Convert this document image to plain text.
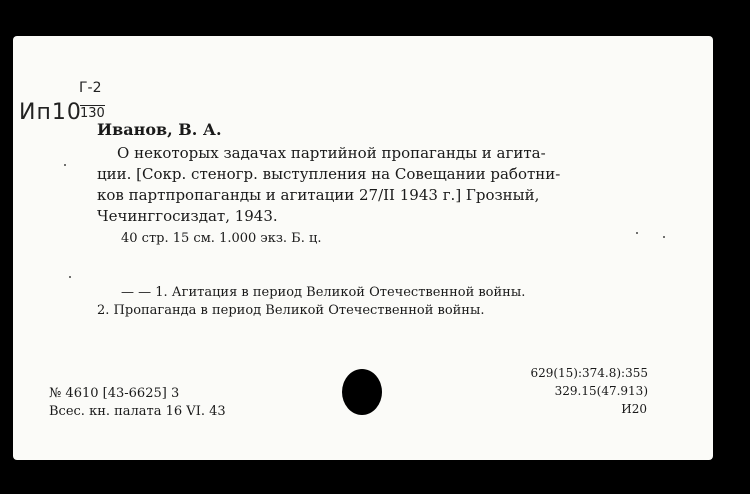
Ип10
Г-2
130
Иванов, В. А.
О некоторых задачах партийной пропаганды и агита-
ции. [Сокр. стеногр. выступления на Совещании работни-
ков партпропаганды и агитации 27/II 1943 г.] Грозный,
Чечинггосиздат, 1943.
40 стр. 15 см. 1.000 экз. Б. ц.
— — 1. Агитация в период Великой Отечественной войны.
2. Пропаганда в период Великой Отечественной войны.
№ 4610 [43-6625] 3
Всес. кн. палата 16 VI. 43
629(15):374.8):355
329.15(47.913)
И20
